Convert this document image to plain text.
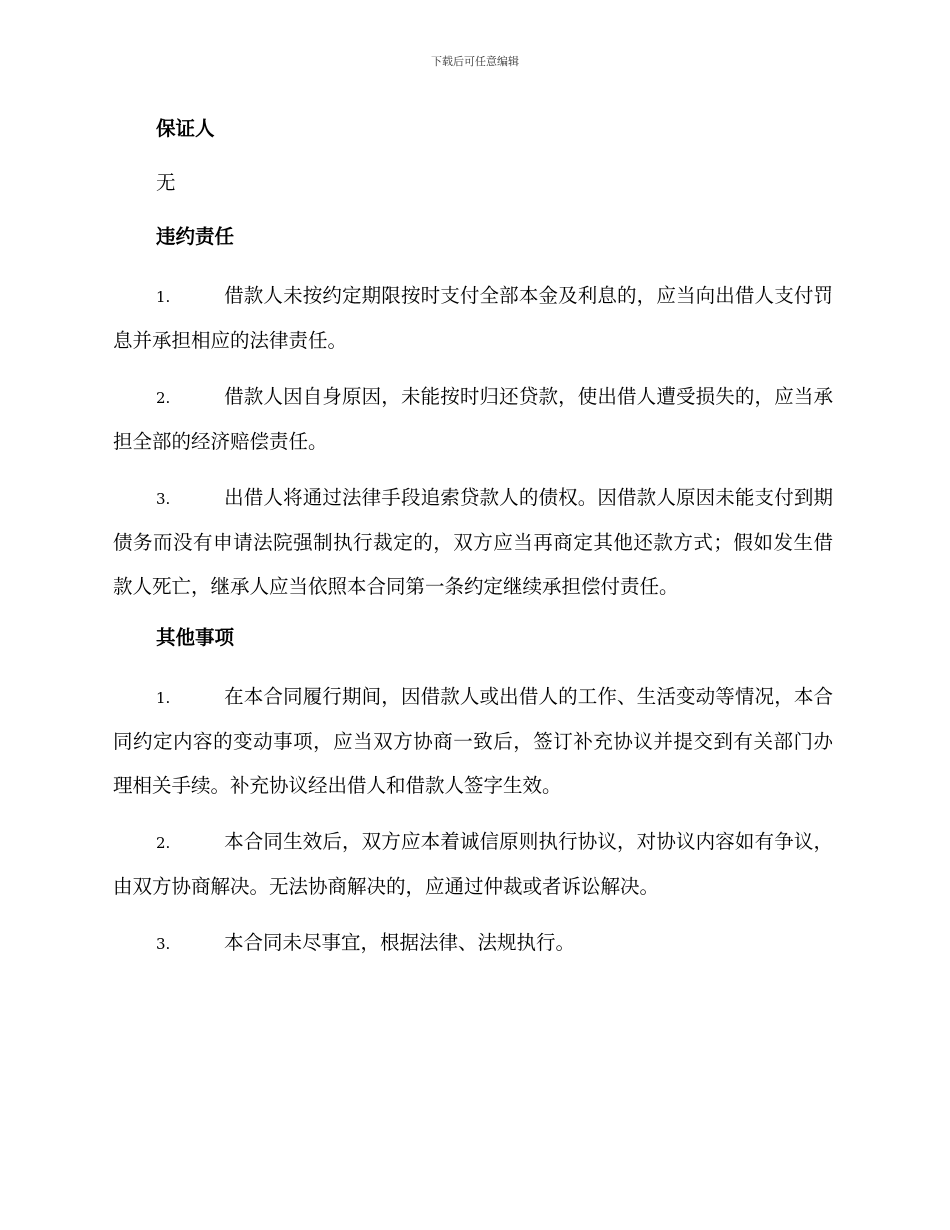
下载后可任意编辑
保证人
无
违约责任

1.	借款人未按约定期限按时支付全部本金及利息的，应当向出借人支付罚息并承担相应的法律责任。

2.	借款人因自身原因，未能按时归还贷款，使出借人遭受损失的，应当承担全部的经济赔偿责任。

3.	出借人将通过法律手段追索贷款人的债权。因借款人原因未能支付到期债务而没有申请法院强制执行裁定的，双方应当再商定其他还款方式；假如发生借款人死亡，继承人应当依照本合同第一条约定继续承担偿付责任。

其他事项

1.	在本合同履行期间，因借款人或出借人的工作、生活变动等情况，本合同约定内容的变动事项，应当双方协商一致后，签订补充协议并提交到有关部门办理相关手续。补充协议经出借人和借款人签字生效。

2.	本合同生效后，双方应本着诚信原则执行协议，对协议内容如有争议，由双方协商解决。无法协商解决的，应通过仲裁或者诉讼解决。

3.	本合同未尽事宜，根据法律、法规执行。
